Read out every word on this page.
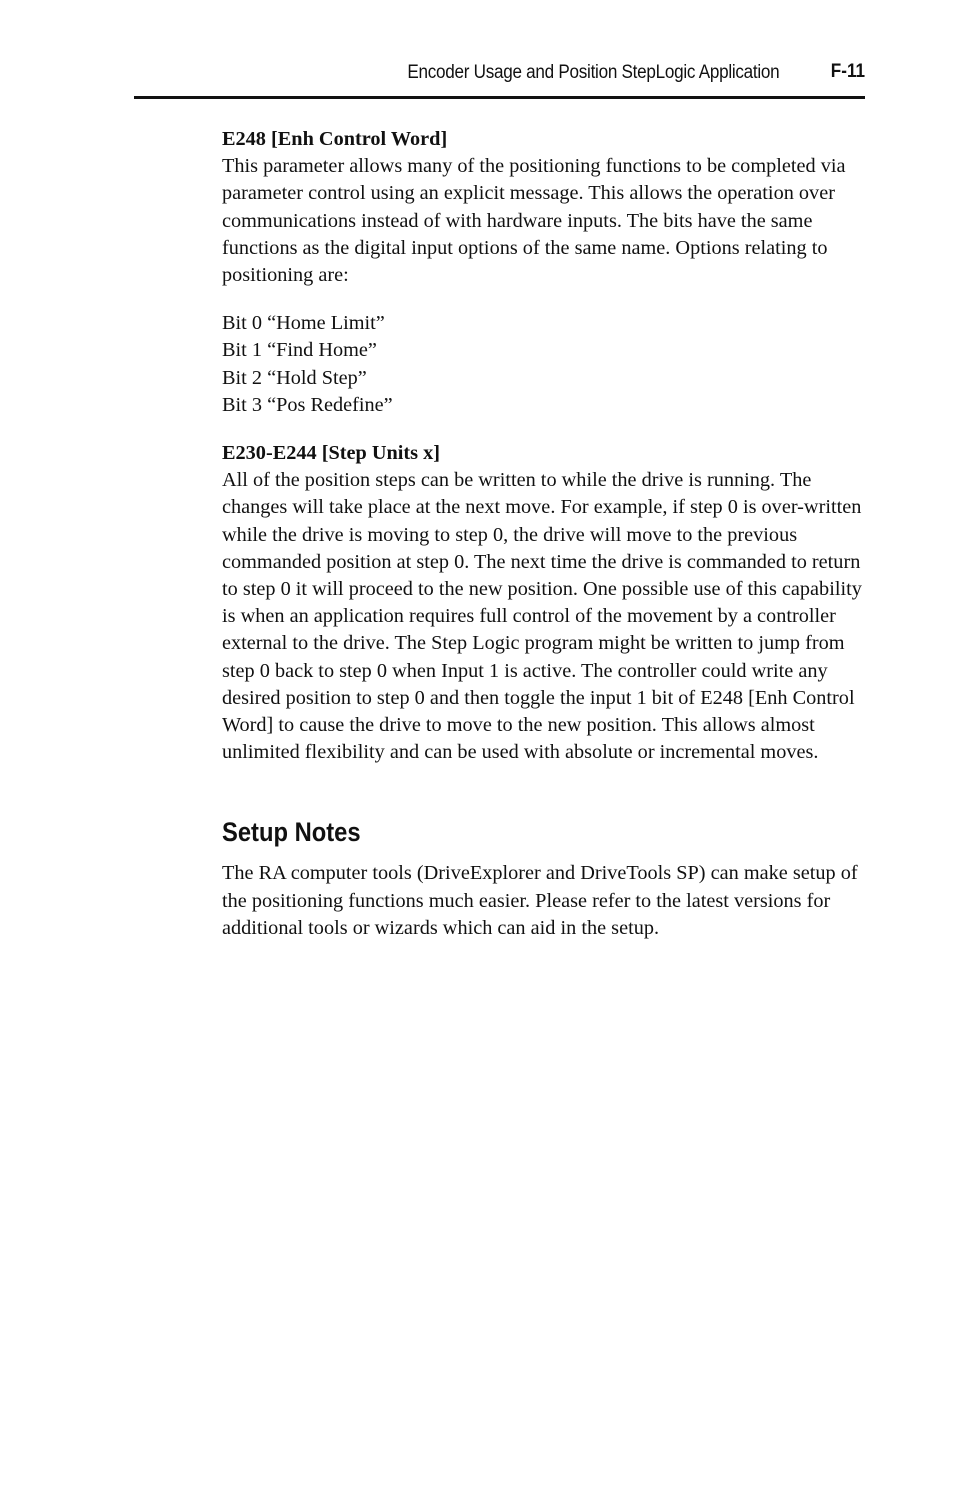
Encoder Usage and Position StepLogic Application	F-11

E248 [Enh Control Word]

This parameter allows many of the positioning functions to be completed via parameter control using an explicit message. This allows the operation over communications instead of with hardware inputs. The bits have the same functions as the digital input options of the same name. Options relating to positioning are:

Bit 0 “Home Limit”
Bit 1 “Find Home”
Bit 2 “Hold Step”
Bit 3 “Pos Redefine”

E230-E244 [Step Units x]

All of the position steps can be written to while the drive is running. The changes will take place at the next move. For example, if step 0 is over-written while the drive is moving to step 0, the drive will move to the previous commanded position at step 0. The next time the drive is commanded to return to step 0 it will proceed to the new position. One possible use of this capability is when an application requires full control of the movement by a controller external to the drive. The Step Logic program might be written to jump from step 0 back to step 0 when Input 1 is active. The controller could write any desired position to step 0 and then toggle the input 1 bit of E248 [Enh Control Word] to cause the drive to move to the new position. This allows almost unlimited flexibility and can be used with absolute or incremental moves.

Setup Notes

The RA computer tools (DriveExplorer and DriveTools SP) can make setup of the positioning functions much easier. Please refer to the latest versions for additional tools or wizards which can aid in the setup.
